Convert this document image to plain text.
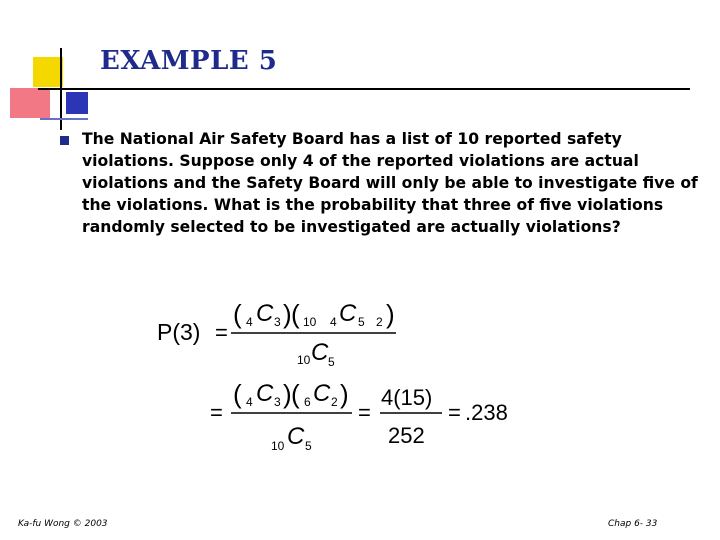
EXAMPLE 5
The National Air Safety Board has a list of 10 reported safety violations. Suppose only 4 of the reported violations are actual violations and the Safety Board will only be able to investigate five of the violations. What is the probability that three of five violations randomly selected to be investigated are actually violations?
P(3) =
( 4 C 3 ) ( 10 4 C 5 2 )
10 C 5
=
( 4 C 3 ) ( 6 C 2 )
10 C 5
=
4(15)
252
= .238
Ka-fu Wong © 2003	Chap 6- 33
